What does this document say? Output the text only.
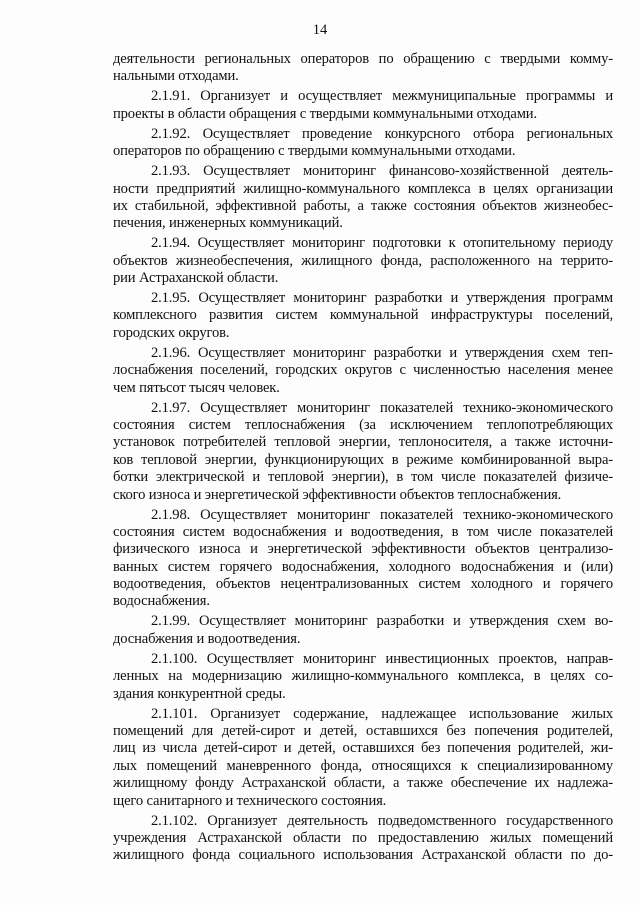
14
деятельности региональных операторов по обращению с твердыми комму-
нальными отходами.
2.1.91. Организует и осуществляет межмуниципальные программы и
проекты в области обращения с твердыми коммунальными отходами.
2.1.92. Осуществляет проведение конкурсного отбора региональных
операторов по обращению с твердыми коммунальными отходами.
2.1.93. Осуществляет мониторинг финансово-хозяйственной деятель-
ности предприятий жилищно-коммунального комплекса в целях организации
их стабильной, эффективной работы, а также состояния объектов жизнеобес-
печения, инженерных коммуникаций.
2.1.94. Осуществляет мониторинг подготовки к отопительному периоду
объектов жизнеобеспечения, жилищного фонда, расположенного на террито-
рии Астраханской области.
2.1.95. Осуществляет мониторинг разработки и утверждения программ
комплексного развития систем коммунальной инфраструктуры поселений,
городских округов.
2.1.96. Осуществляет мониторинг разработки и утверждения схем теп-
лоснабжения поселений, городских округов с численностью населения менее
чем пятьсот тысяч человек.
2.1.97. Осуществляет мониторинг показателей технико-экономического
состояния систем теплоснабжения (за исключением теплопотребляющих
установок потребителей тепловой энергии, теплоносителя, а также источни-
ков тепловой энергии, функционирующих в режиме комбинированной выра-
ботки электрической и тепловой энергии), в том числе показателей физиче-
ского износа и энергетической эффективности объектов теплоснабжения.
2.1.98. Осуществляет мониторинг показателей технико-экономического
состояния систем водоснабжения и водоотведения, в том числе показателей
физического износа и энергетической эффективности объектов централизо-
ванных систем горячего водоснабжения, холодного водоснабжения и (или)
водоотведения, объектов нецентрализованных систем холодного и горячего
водоснабжения.
2.1.99. Осуществляет мониторинг разработки и утверждения схем во-
доснабжения и водоотведения.
2.1.100. Осуществляет мониторинг инвестиционных проектов, направ-
ленных на модернизацию жилищно-коммунального комплекса, в целях со-
здания конкурентной среды.
2.1.101. Организует содержание, надлежащее использование жилых
помещений для детей-сирот и детей, оставшихся без попечения родителей,
лиц из числа детей-сирот и детей, оставшихся без попечения родителей, жи-
лых помещений маневренного фонда, относящихся к специализированному
жилищному фонду Астраханской области, а также обеспечение их надлежа-
щего санитарного и технического состояния.
2.1.102. Организует деятельность подведомственного государственного
учреждения Астраханской области по предоставлению жилых помещений
жилищного фонда социального использования Астраханской области по до-
